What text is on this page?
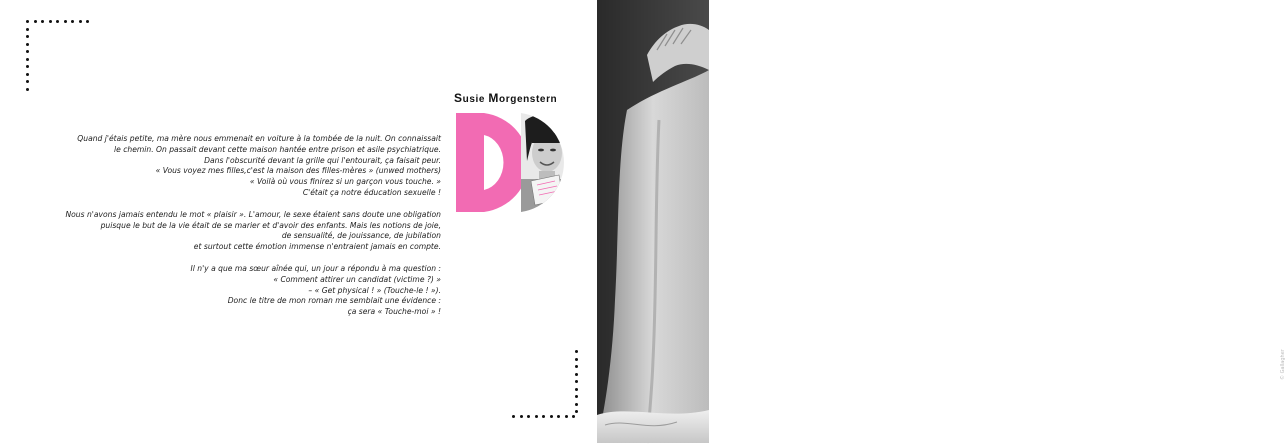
Susie Morgenstern

Quand j'étais petite, ma mère nous emmenait en voiture à la tombée de la nuit. On connaissait

le chemin. On passait devant cette maison hantée entre prison et asile psychiatrique.

Dans l'obscurité devant la grille qui l'entourait, ça faisait peur.

« Vous voyez mes filles,c'est la maison des filles-mères » (unwed mothers)

« Voilà où vous finirez si un garçon vous touche. »

C'était ça notre éducation sexuelle !

Nous n'avons jamais entendu le mot « plaisir ». L'amour, le sexe étaient sans doute une obligation

puisque le but de la vie était de se marier et d'avoir des enfants. Mais les notions de joie,

de sensualité, de jouissance, de jubilation

et surtout cette émotion immense n'entraient jamais en compte.

Il n'y a que ma sœur aînée qui, un jour a répondu à ma question :

« Comment attirer un candidat (victime ?) »

– « Get physical ! » (Touche-le ! »).

Donc le titre de mon roman me semblait une évidence :

ça sera « Touche-moi » !

© Gallagher
